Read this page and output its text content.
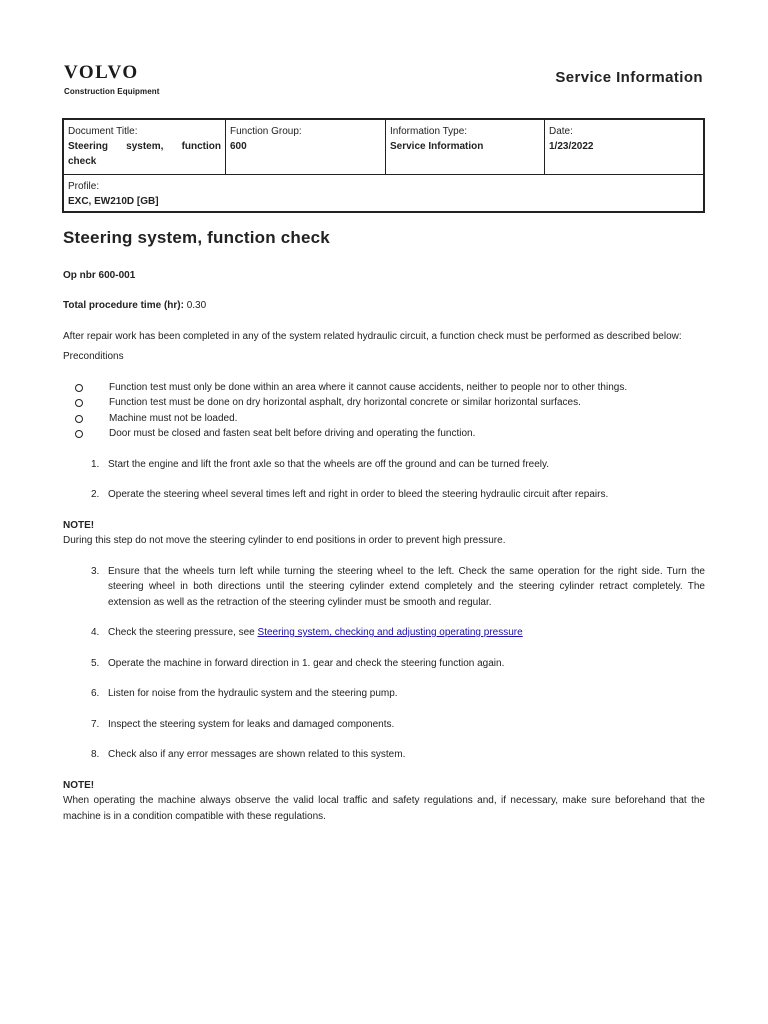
VOLVO
Construction Equipment
Service Information
Document Title:
Steering system, function check
Function Group:
600
Information Type:
Service Information
Date:
1/23/2022
Profile:
EXC, EW210D [GB]
Steering system, function check
Op nbr 600-001
Total procedure time (hr): 0.30
After repair work has been completed in any of the system related hydraulic circuit, a function check must be performed as described below:
Preconditions
Function test must only be done within an area where it cannot cause accidents, neither to people nor to other things.
Function test must be done on dry horizontal asphalt, dry horizontal concrete or similar horizontal surfaces.
Machine must not be loaded.
Door must be closed and fasten seat belt before driving and operating the function.
1. Start the engine and lift the front axle so that the wheels are off the ground and can be turned freely.
2. Operate the steering wheel several times left and right in order to bleed the steering hydraulic circuit after repairs.
NOTE!
During this step do not move the steering cylinder to end positions in order to prevent high pressure.
3. Ensure that the wheels turn left while turning the steering wheel to the left. Check the same operation for the right side. Turn the steering wheel in both directions until the steering cylinder extend completely and the steering cylinder retract completely. The extension as well as the retraction of the steering cylinder must be smooth and regular.
4. Check the steering pressure, see Steering system, checking and adjusting operating pressure
5. Operate the machine in forward direction in 1. gear and check the steering function again.
6. Listen for noise from the hydraulic system and the steering pump.
7. Inspect the steering system for leaks and damaged components.
8. Check also if any error messages are shown related to this system.
NOTE!
When operating the machine always observe the valid local traffic and safety regulations and, if necessary, make sure beforehand that the machine is in a condition compatible with these regulations.
